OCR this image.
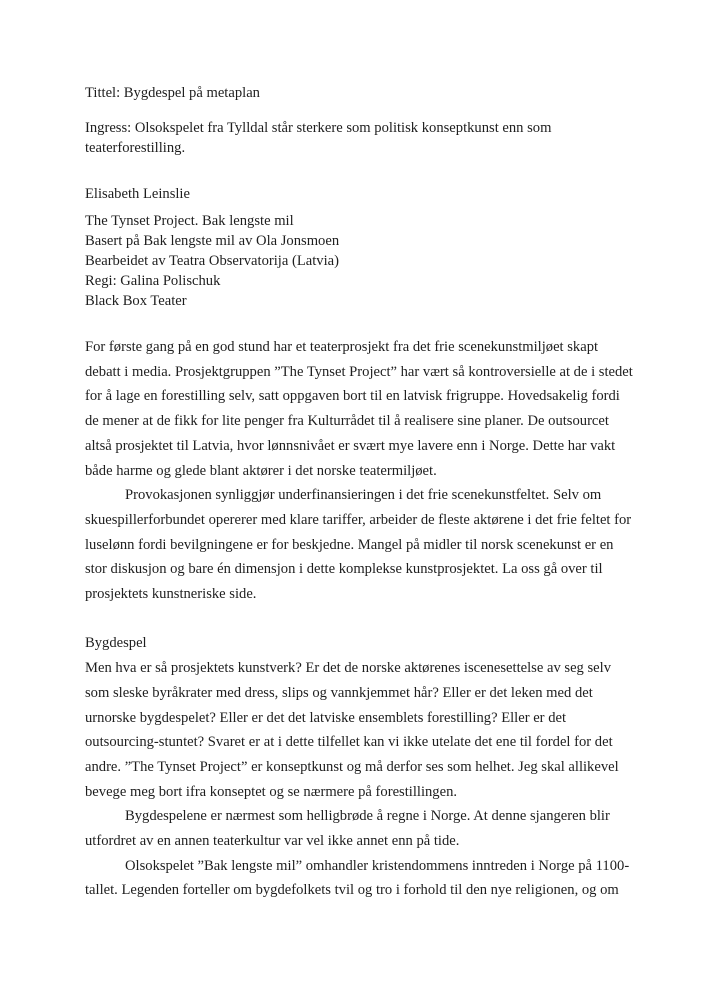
Tittel: Bygdespel på metaplan
Ingress: Olsokspelet fra Tylldal står sterkere som politisk konseptkunst enn som
teaterforestilling.
Elisabeth Leinslie
The Tynset Project. Bak lengste mil
Basert på Bak lengste mil av Ola Jonsmoen
Bearbeidet av Teatra Observatorija (Latvia)
Regi: Galina Polischuk
Black Box Teater
For første gang på en god stund har et teaterprosjekt fra det frie scenekunstmiljøet skapt
debatt i media. Prosjektgruppen ”The Tynset Project” har vært så kontroversielle at de i stedet
for å lage en forestilling selv, satt oppgaven bort til en latvisk frigruppe. Hovedsakelig fordi
de mener at de fikk for lite penger fra Kulturrådet til å realisere sine planer. De outsourcet
altså prosjektet til Latvia, hvor lønnsnivået er svært mye lavere enn i Norge. Dette har vakt
både harme og glede blant aktører i det norske teatermiljøet.
Provokasjonen synliggjør underfinansieringen i det frie scenekunstfeltet. Selv om
skuespillerforbundet opererer med klare tariffer, arbeider de fleste aktørene i det frie feltet for
luselønn fordi bevilgningene er for beskjedne. Mangel på midler til norsk scenekunst er en
stor diskusjon og bare én dimensjon i dette komplekse kunstprosjektet. La oss gå over til
prosjektets kunstneriske side.
Bygdespel
Men hva er så prosjektets kunstverk? Er det de norske aktørenes iscenesettelse av seg selv
som sleske byråkrater med dress, slips og vannkjemmet hår? Eller er det leken med det
urnorske bygdespelet? Eller er det det latviske ensemblets forestilling? Eller er det
outsourcing-stuntet? Svaret er at i dette tilfellet kan vi ikke utelate det ene til fordel for det
andre. ”The Tynset Project” er konseptkunst og må derfor ses som helhet. Jeg skal allikevel
bevege meg bort ifra konseptet og se nærmere på forestillingen.
Bygdespelene er nærmest som helligbrøde å regne i Norge. At denne sjangeren blir
utfordret av en annen teaterkultur var vel ikke annet enn på tide.
Olsokspelet ”Bak lengste mil” omhandler kristendommens inntreden i Norge på 1100-
tallet. Legenden forteller om bygdefolkets tvil og tro i forhold til den nye religionen, og om
